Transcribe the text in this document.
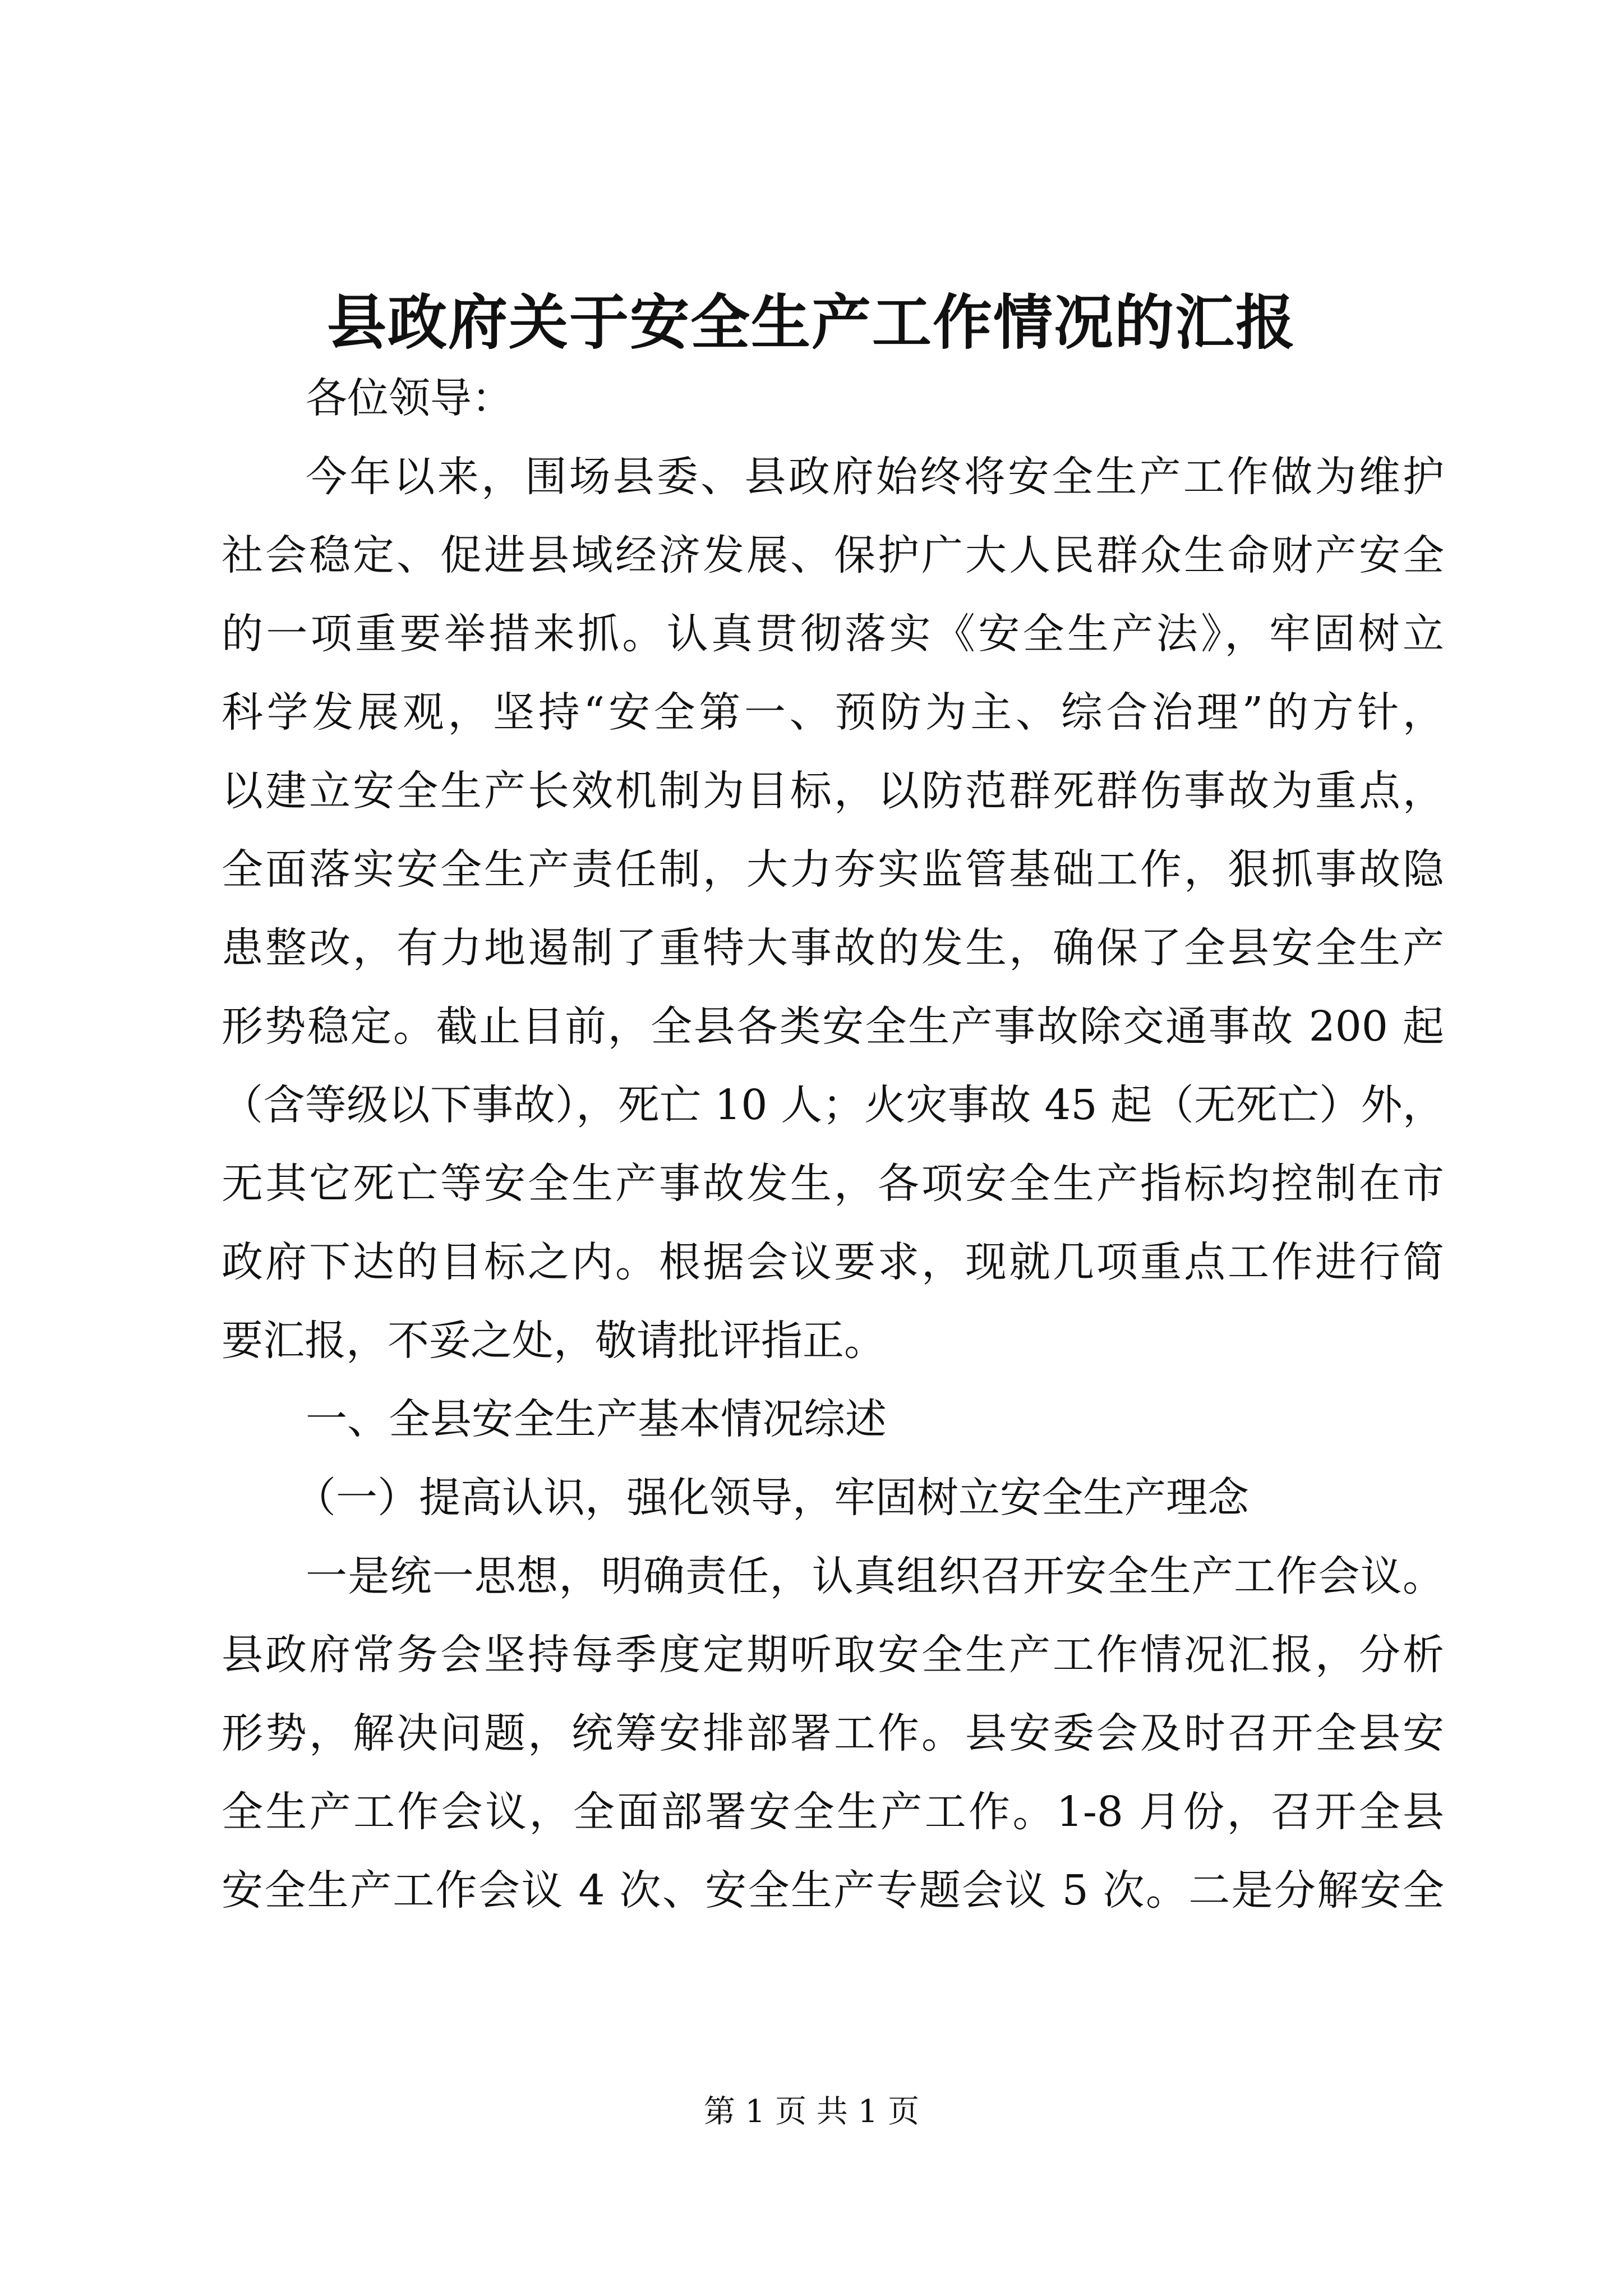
县政府关于安全生产工作情况的汇报
各位领导：
今年以来，围场县委、县政府始终将安全生产工作做为维护
社会稳定、促进县域经济发展、保护广大人民群众生命财产安全
的一项重要举措来抓。认真贯彻落实《安全生产法》，牢固树立
科学发展观，坚持“安全第一、预防为主、综合治理”的方针，
以建立安全生产长效机制为目标，以防范群死群伤事故为重点，
全面落实安全生产责任制，大力夯实监管基础工作，狠抓事故隐
患整改，有力地遏制了重特大事故的发生，确保了全县安全生产
形势稳定。截止目前，全县各类安全生产事故除交通事故 200 起
（含等级以下事故），死亡 10 人；火灾事故 45 起（无死亡）外，
无其它死亡等安全生产事故发生，各项安全生产指标均控制在市
政府下达的目标之内。根据会议要求，现就几项重点工作进行简
要汇报，不妥之处，敬请批评指正。
一、全县安全生产基本情况综述
（一）提高认识，强化领导，牢固树立安全生产理念
一是统一思想，明确责任，认真组织召开安全生产工作会议。
县政府常务会坚持每季度定期听取安全生产工作情况汇报，分析
形势，解决问题，统筹安排部署工作。县安委会及时召开全县安
全生产工作会议，全面部署安全生产工作。1-8 月份，召开全县
安全生产工作会议 4 次、安全生产专题会议 5 次。二是分解安全
第 1 页 共 1 页
